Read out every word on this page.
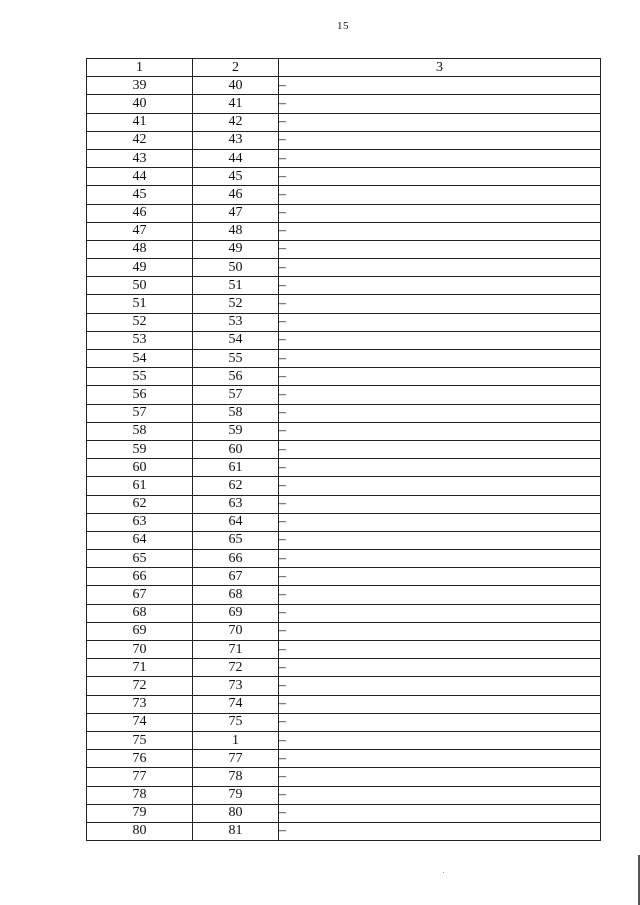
15
1	2	3
39	40	–
40	41	–
41	42	–
42	43	–
43	44	–
44	45	–
45	46	–
46	47	–
47	48	–
48	49	–
49	50	–
50	51	–
51	52	–
52	53	–
53	54	–
54	55	–
55	56	–
56	57	–
57	58	–
58	59	–
59	60	–
60	61	–
61	62	–
62	63	–
63	64	–
64	65	–
65	66	–
66	67	–
67	68	–
68	69	–
69	70	–
70	71	–
71	72	–
72	73	–
73	74	–
74	75	–
75	1	–
76	77	–
77	78	–
78	79	–
79	80	–
80	81	–
